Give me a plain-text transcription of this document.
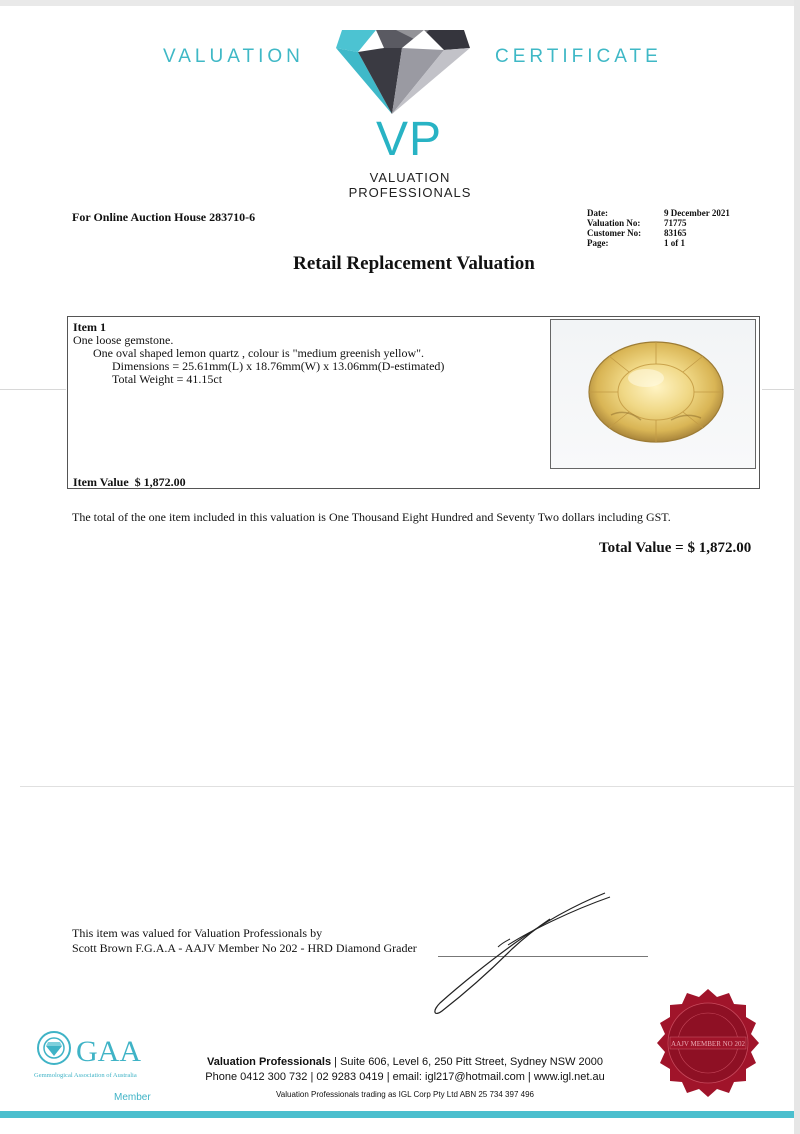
VALUATION	CERTIFICATE
VP
VALUATION
PROFESSIONALS
For Online Auction House 283710-6	Date:	9 December 2021
Valuation No:	71775
Customer No:	83165
Page:	1 of 1
Retail Replacement Valuation
Item 1
One loose gemstone.
One oval shaped lemon quartz , colour is "medium greenish yellow".
Dimensions = 25.61mm(L) x 18.76mm(W) x 13.06mm(D-estimated)
Total Weight = 41.15ct
Item Value $ 1,872.00
The total of the one item included in this valuation is One Thousand Eight Hundred and Seventy Two dollars including GST.
Total Value = $ 1,872.00
This item was valued for Valuation Professionals by
Scott Brown F.G.A.A - AAJV Member No 202 - HRD Diamond Grader
AAJV MEMBER NO 202
GAA
Gemmological Association of Australia
Member
Valuation Professionals | Suite 606, Level 6, 250 Pitt Street, Sydney NSW 2000
Phone 0412 300 732 | 02 9283 0419 | email: igl217@hotmail.com | www.igl.net.au
Valuation Professionals trading as IGL Corp Pty Ltd ABN 25 734 397 496
